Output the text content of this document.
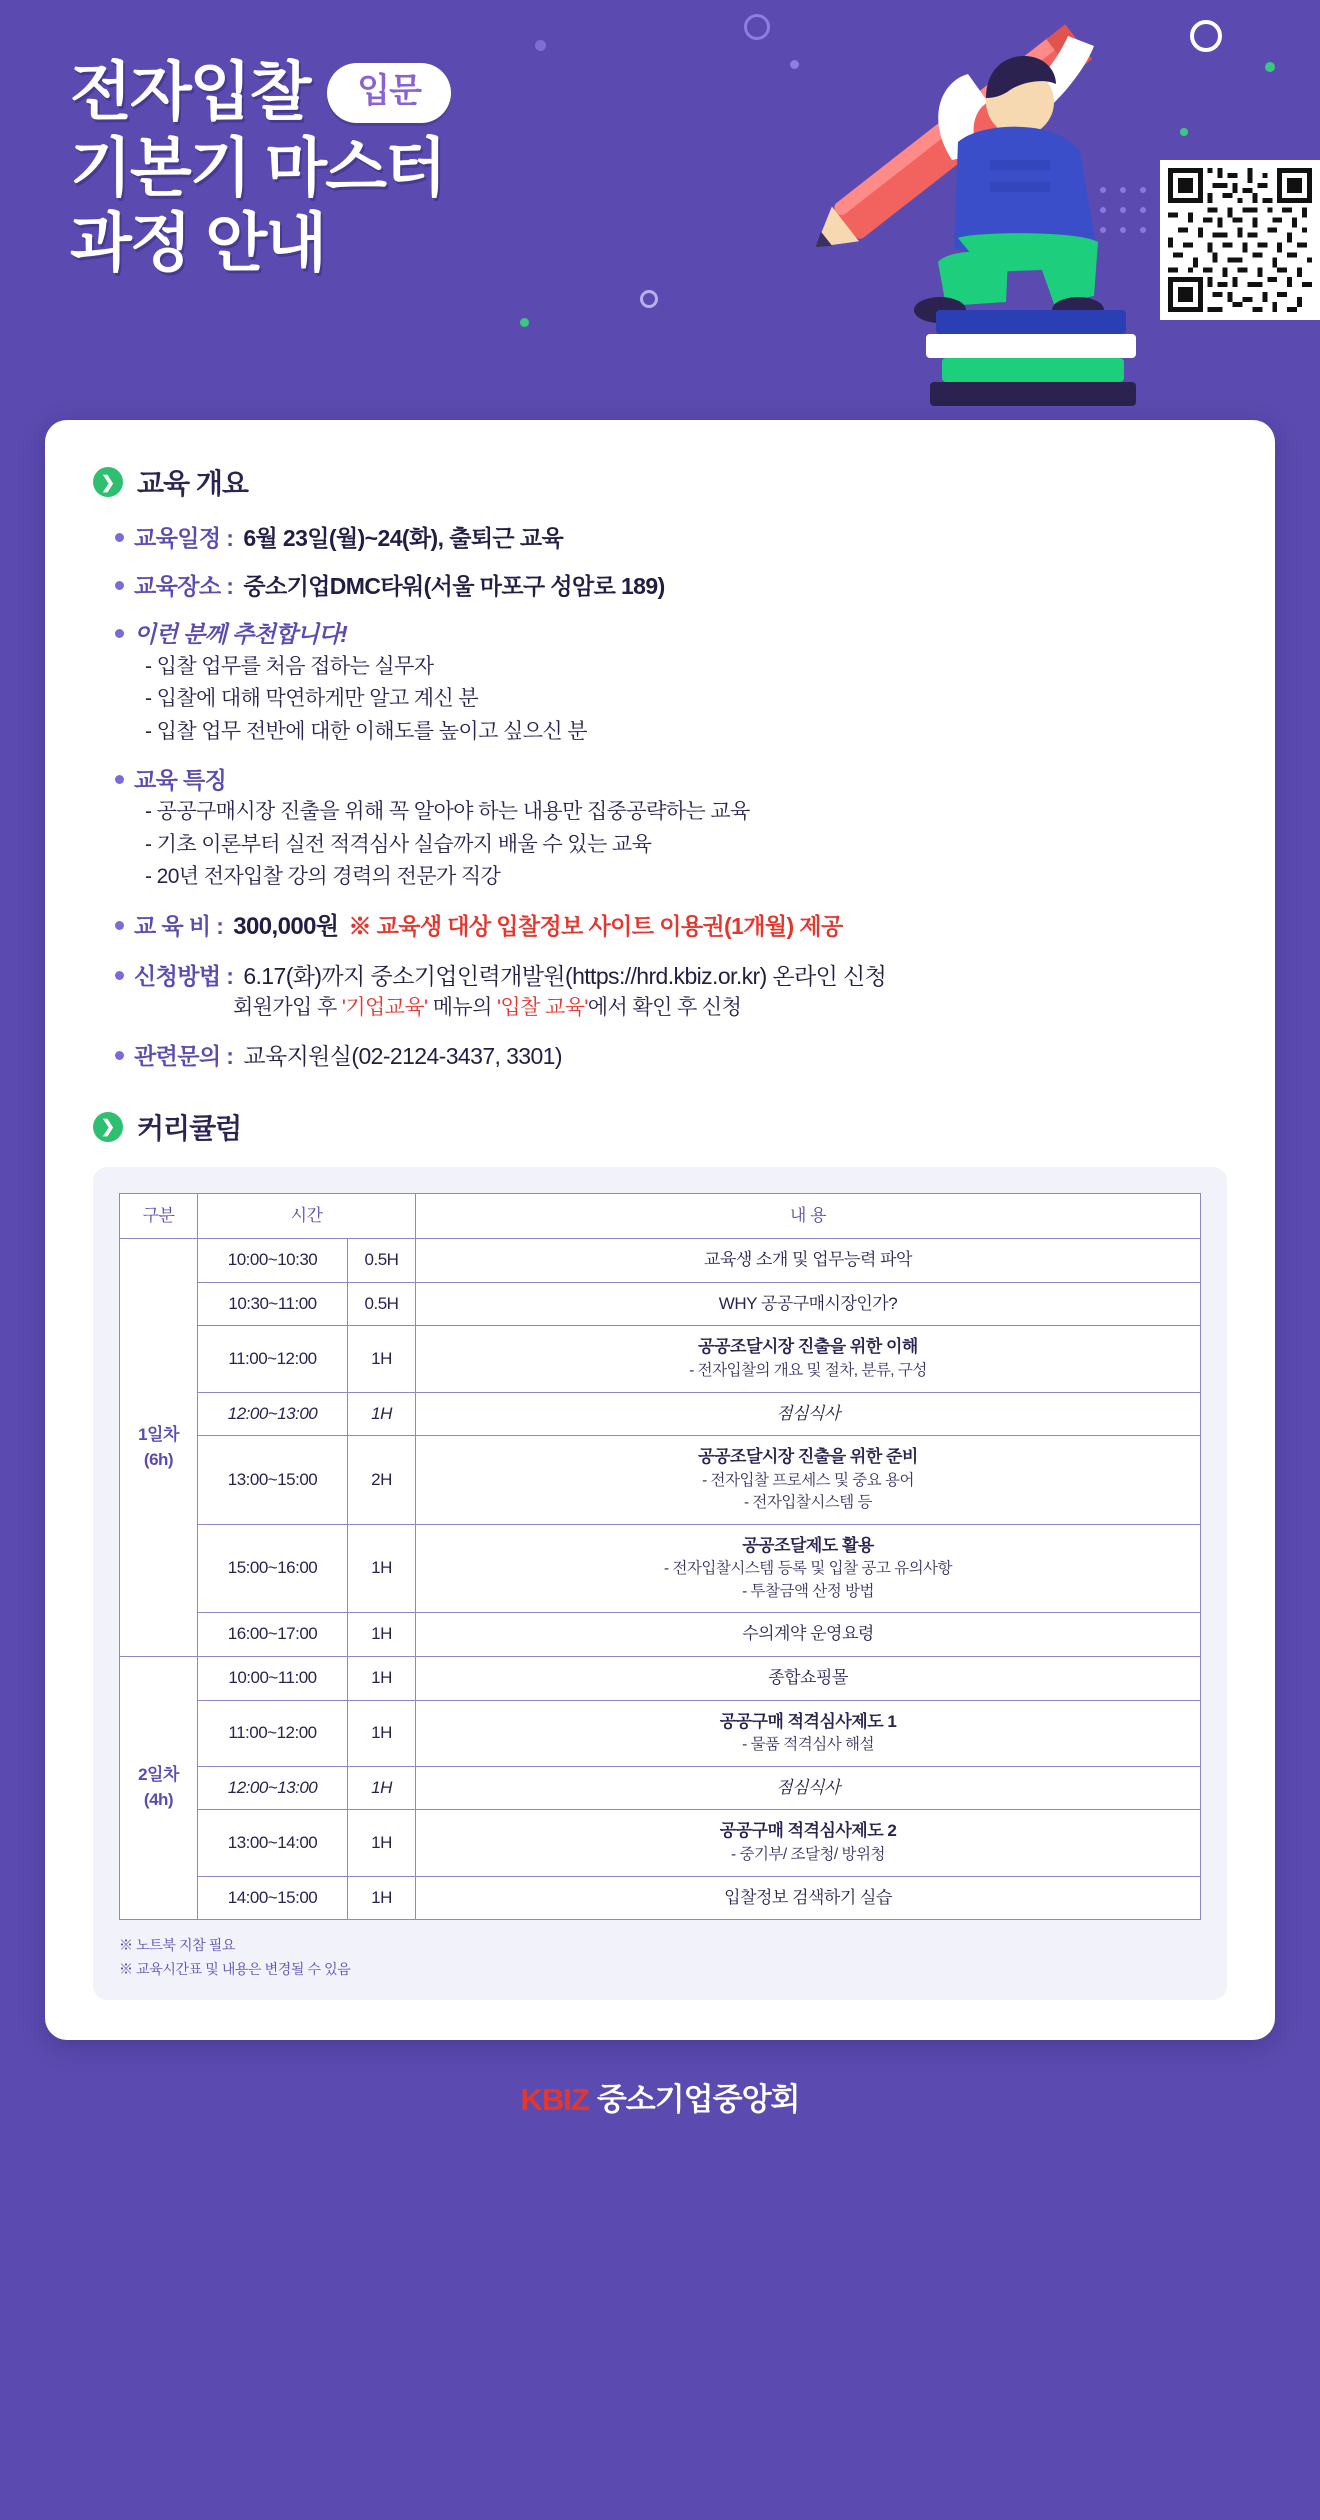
전자입찰	입문
기본기 마스터
과정 안내
❯ 교육 개요
교육일정 : 6월 23일(월)~24(화), 출퇴근 교육
교육장소 : 중소기업DMC타워(서울 마포구 성암로 189)
이런 분께 추천합니다!
- 입찰 업무를 처음 접하는 실무자
- 입찰에 대해 막연하게만 알고 계신 분
- 입찰 업무 전반에 대한 이해도를 높이고 싶으신 분
교육 특징
- 공공구매시장 진출을 위해 꼭 알아야 하는 내용만 집중공략하는 교육
- 기초 이론부터 실전 적격심사 실습까지 배울 수 있는 교육
- 20년 전자입찰 강의 경력의 전문가 직강
교 육 비 : 300,000원 ※ 교육생 대상 입찰정보 사이트 이용권(1개월) 제공
신청방법 : 6.17(화)까지 중소기업인력개발원(https://hrd.kbiz.or.kr) 온라인 신청
회원가입 후 '기업교육' 메뉴의 '입찰 교육'에서 확인 후 신청
관련문의 : 교육지원실(02-2124-3437, 3301)
❯ 커리큘럼
구분	시간		내 용
1일차
(6h)	10:00~10:30	0.5H	교육생 소개 및 업무능력 파악

	10:30~11:00	0.5H	WHY 공공구매시장인가?

	11:00~12:00	1H	공공조달시장 진출을 위한 이해
- 전자입찰의 개요 및 절차, 분류, 구성

	12:00~13:00	1H	점심식사

	13:00~15:00	2H	공공조달시장 진출을 위한 준비
- 전자입찰 프로세스 및 중요 용어
- 전자입찰시스템 등

	15:00~16:00	1H	공공조달제도 활용
- 전자입찰시스템 등록 및 입찰 공고 유의사항
- 투찰금액 산정 방법

	16:00~17:00	1H	수의계약 운영요령

2일차
(4h)	10:00~11:00	1H	종합쇼핑몰

	11:00~12:00	1H	공공구매 적격심사제도 1
- 물품 적격심사 해설

	12:00~13:00	1H	점심식사

	13:00~14:00	1H	공공구매 적격심사제도 2
- 중기부/ 조달청/ 방위청

	14:00~15:00	1H	입찰정보 검색하기 실습
※ 노트북 지참 필요
※ 교육시간표 및 내용은 변경될 수 있음
KBIZ 중소기업중앙회
